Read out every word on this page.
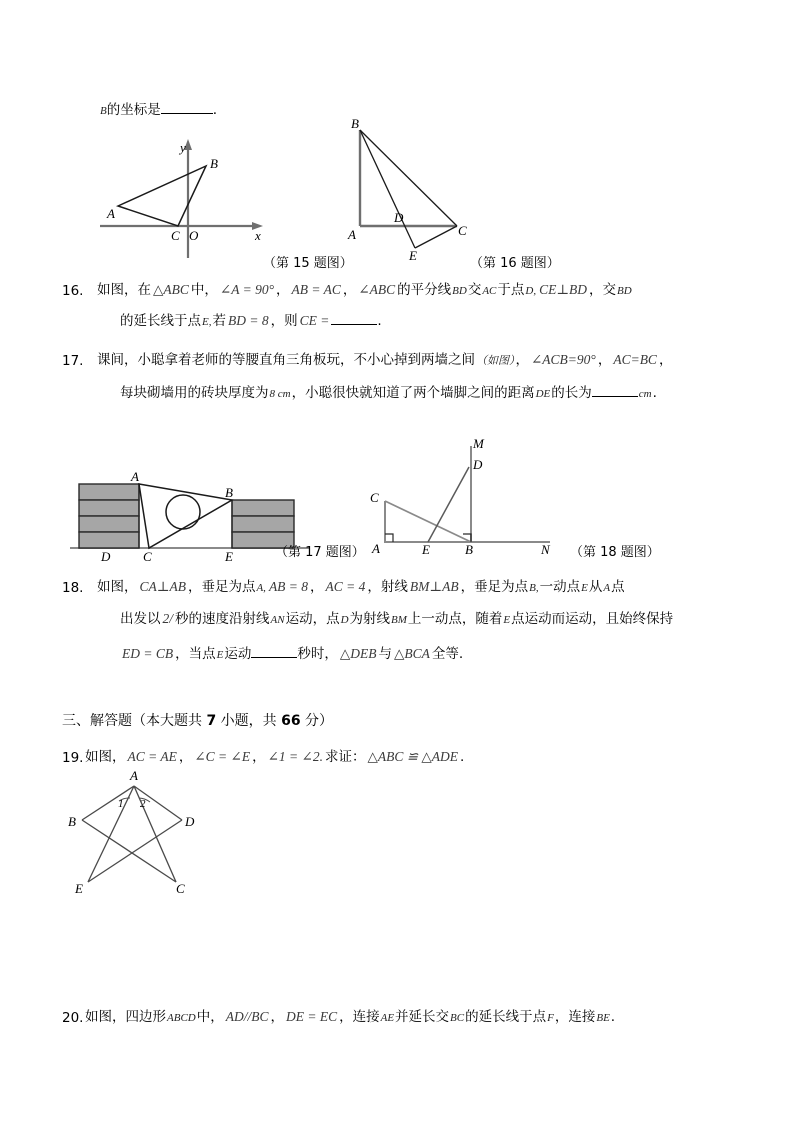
B的坐标是	.
y
x
A
B
C O
（第 15 题图）
B
A	C
D
E
（第 16 题图）
16. 如图，在 △ABC 中， ∠A = 90° ， AB = AC ， ∠ABC 的平分线BD交AC于点D, CE⊥BD ，交BD
的延长线于点E,若 BD = 8 ，则 CE =	.
17. 课间，小聪拿着老师的等腰直角三角板玩，不小心掉到两墙之间（如图）， ∠ACB=90° ， AC=BC ，
每块砌墙用的砖块厚度为8 cm，小聪很快就知道了两个墙脚之间的距离DE的长为	cm.
A
B
C
D	E	（第 17 题图）
C
A	E	B	N
M
D
（第 18 题图）
18. 如图， CA⊥AB ，垂足为点A, AB = 8 ， AC = 4 ，射线 BM⊥AB ，垂足为点B,一动点E从A点
出发以 2/ 秒的速度沿射线AN运动，点D为射线BM上一动点，随着E点运动而运动，且始终保持
ED = CB ，当点E运动	秒时， △DEB 与 △BCA 全等.
三、解答题（本大题共 7 小题，共 66 分）
19. 如图， AC = AE ， ∠C = ∠E ， ∠1 = ∠2. 求证： △ABC ≌ △ADE .
A
B	D
E	C
1 2
20. 如图，四边形ABCD中， AD//BC ， DE = EC ，连接AE并延长交BC的延长线于点F，连接BE.
